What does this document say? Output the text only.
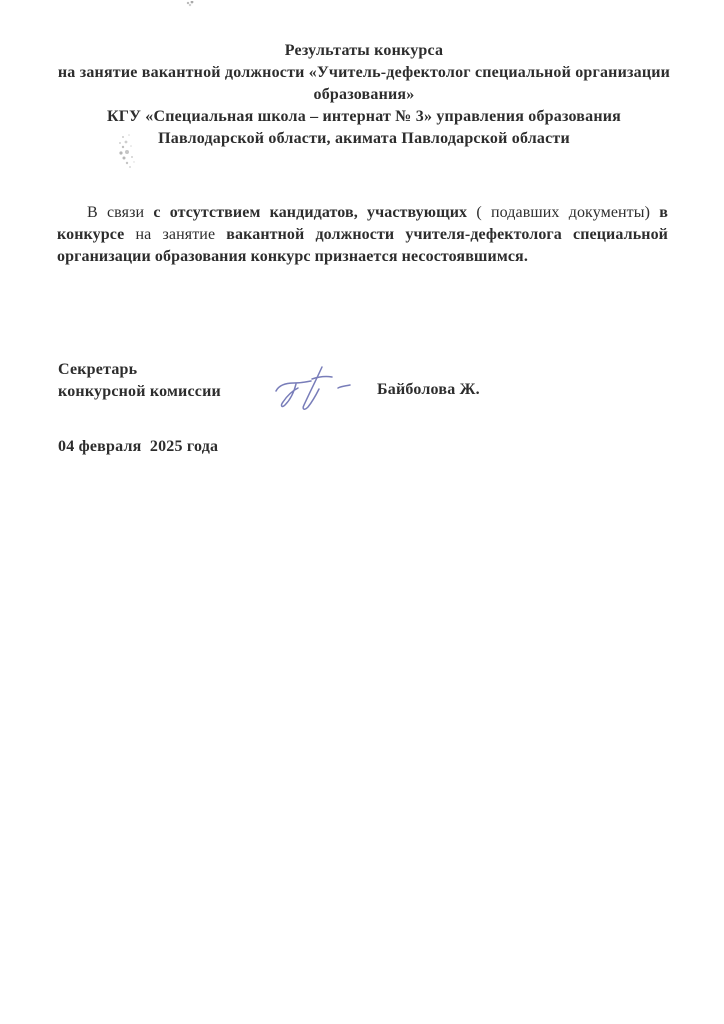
Результаты конкурса
на занятие вакантной должности «Учитель-дефектолог специальной организации
образования»
КГУ «Специальная школа – интернат № 3» управления образования
Павлодарской области, акимата Павлодарской области
В связи с отсутствием кандидатов, участвующих ( подавших документы) в
конкурсе на занятие вакантной должности учителя-дефектолога специальной
организации образования конкурс признается несостоявшимся.
Секретарь
конкурсной комиссии	Байболова Ж.
04 февраля  2025 года
